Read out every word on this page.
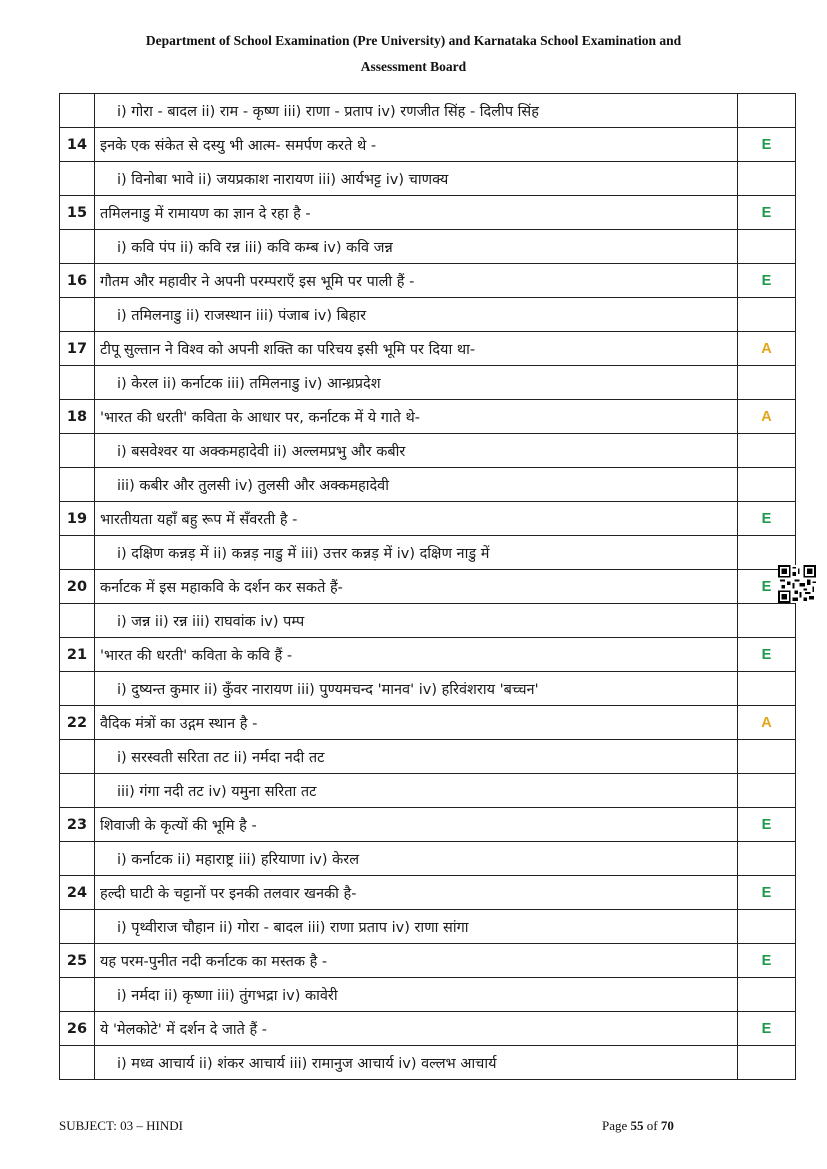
Department of School Examination (Pre University) and Karnataka School Examination and
Assessment Board
	i) गोरा - बादल ii) राम - कृष्ण iii) राणा - प्रताप iv) रणजीत सिंह - दिलीप सिंह	
14	इनके एक संकेत से दस्यु भी आत्म- समर्पण करते थे -	E
	i) विनोबा भावे ii) जयप्रकाश नारायण iii) आर्यभट्ट iv) चाणक्य	
15	तमिलनाडु में रामायण का ज्ञान दे रहा है -	E
	i) कवि पंप ii) कवि रन्न iii) कवि कम्ब iv) कवि जन्न	
16	गौतम और महावीर ने अपनी परम्पराएँ इस भूमि पर पाली हैं -	E
	i) तमिलनाडु ii) राजस्थान iii) पंजाब iv) बिहार	
17	टीपू सुल्तान ने विश्व को अपनी शक्ति का परिचय इसी भूमि पर दिया था-	A
	i) केरल ii) कर्नाटक iii) तमिलनाडु iv) आन्ध्रप्रदेश	
18	'भारत की धरती' कविता के आधार पर, कर्नाटक में ये गाते थे-	A
	i) बसवेश्वर या अक्कमहादेवी ii) अल्लमप्रभु और कबीर	
	iii) कबीर और तुलसी iv) तुलसी और अक्कमहादेवी	
19	भारतीयता यहाँ बहु रूप में सँवरती है -	E
	i) दक्षिण कन्नड़ में ii) कन्नड़ नाडु में iii) उत्तर कन्नड़ में iv) दक्षिण नाडु में	
20	कर्नाटक में इस महाकवि के दर्शन कर सकते हैं-	E
	i) जन्न ii) रन्न iii) राघवांक iv) पम्प	
21	'भारत की धरती' कविता के कवि हैं -	E
	i) दुष्यन्त कुमार ii) कुँवर नारायण iii) पुण्यमचन्द 'मानव' iv) हरिवंशराय 'बच्चन'	
22	वैदिक मंत्रों का उद्गम स्थान है -	A
	i) सरस्वती सरिता तट ii) नर्मदा नदी तट	
	iii) गंगा नदी तट iv) यमुना सरिता तट	
23	शिवाजी के कृत्यों की भूमि है -	E
	i) कर्नाटक ii) महाराष्ट्र iii) हरियाणा iv) केरल	
24	हल्दी घाटी के चट्टानों पर इनकी तलवार खनकी है-	E
	i) पृथ्वीराज चौहान ii) गोरा - बादल iii) राणा प्रताप iv) राणा सांगा	
25	यह परम-पुनीत नदी कर्नाटक का मस्तक है -	E
	i) नर्मदा ii) कृष्णा iii) तुंगभद्रा iv) कावेरी	
26	ये 'मेलकोटे' में दर्शन दे जाते हैं -	E
	i) मध्व आचार्य ii) शंकर आचार्य iii) रामानुज आचार्य iv) वल्लभ आचार्य	
SUBJECT: 03 – HINDI	Page 55 of 70
